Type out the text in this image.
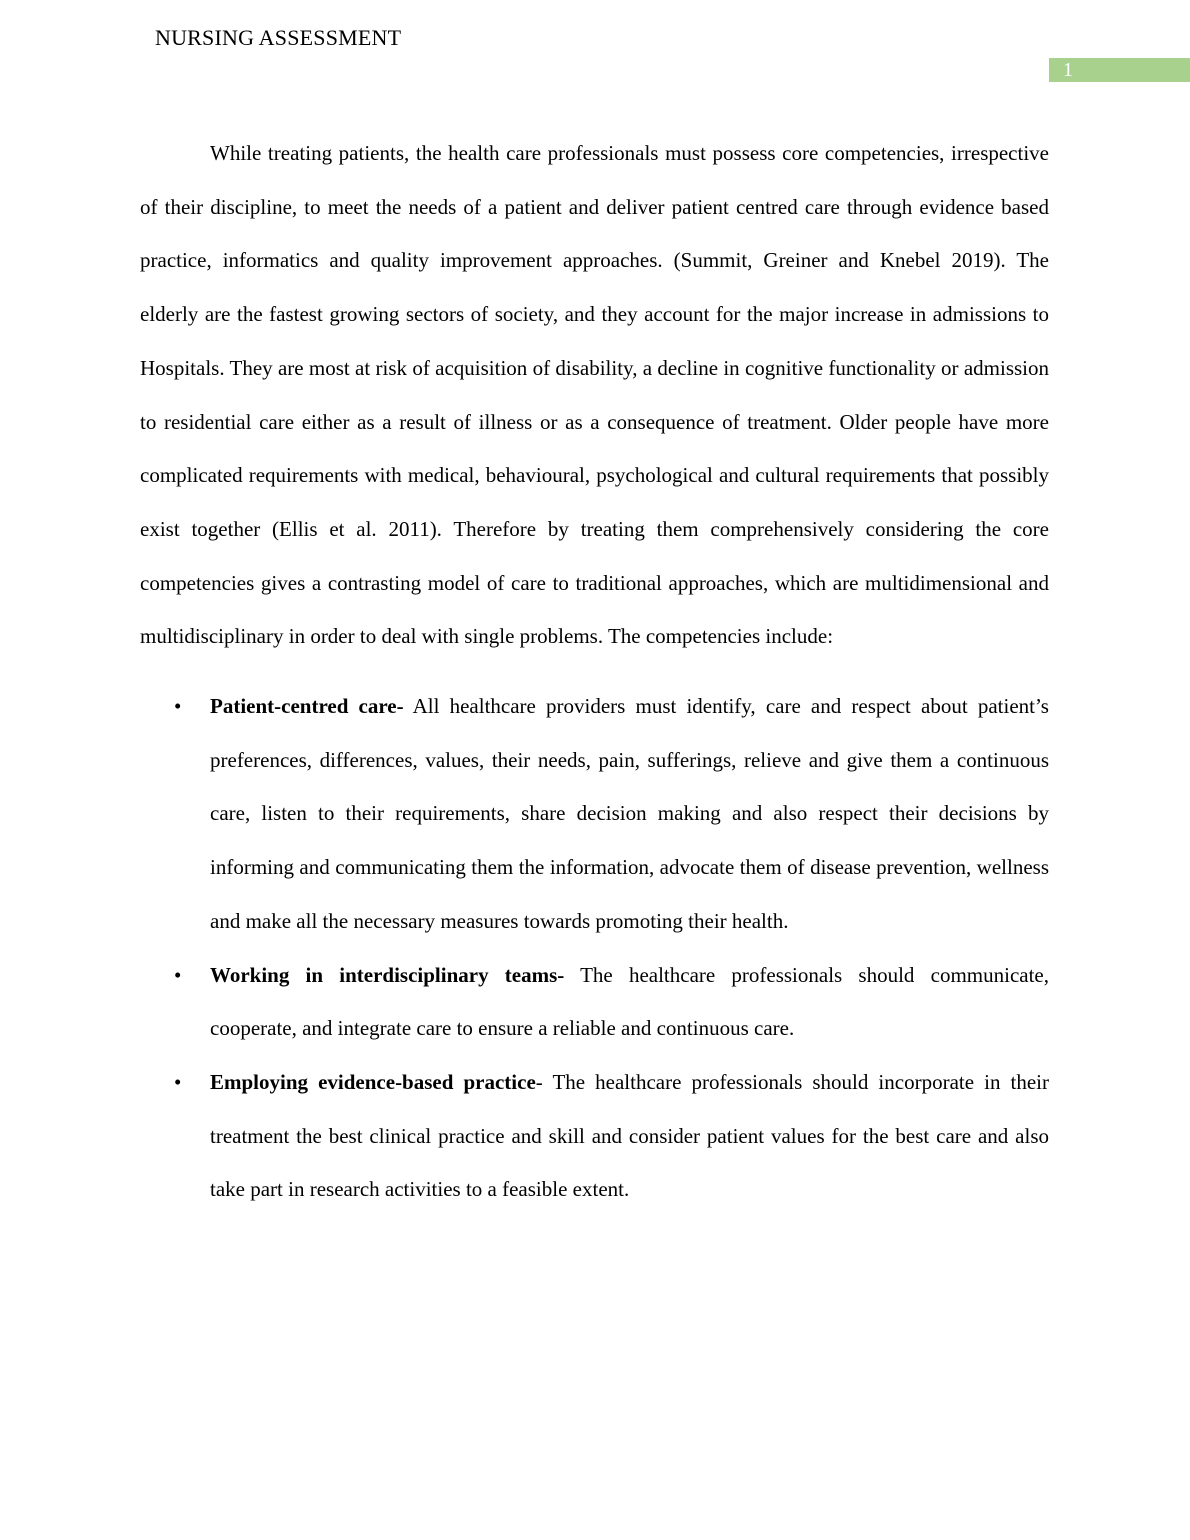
NURSING ASSESSMENT
1

While treating patients, the health care professionals must possess core competencies, irrespective of their discipline, to meet the needs of a patient and deliver patient centred care through evidence based practice, informatics and quality improvement approaches. (Summit, Greiner and Knebel 2019). The elderly are the fastest growing sectors of society, and they account for the major increase in admissions to Hospitals. They are most at risk of acquisition of disability, a decline in cognitive functionality or admission to residential care either as a result of illness or as a consequence of treatment. Older people have more complicated requirements with medical, behavioural, psychological and cultural requirements that possibly exist together (Ellis et al. 2011). Therefore by treating them comprehensively considering the core competencies gives a contrasting model of care to traditional approaches, which are multidimensional and multidisciplinary in order to deal with single problems. The competencies include:

• Patient-centred care- All healthcare providers must identify, care and respect about patient’s preferences, differences, values, their needs, pain, sufferings, relieve and give them a continuous care, listen to their requirements, share decision making and also respect their decisions by informing and communicating them the information, advocate them of disease prevention, wellness and make all the necessary measures towards promoting their health.
• Working in interdisciplinary teams- The healthcare professionals should communicate, cooperate, and integrate care to ensure a reliable and continuous care.
• Employing evidence-based practice- The healthcare professionals should incorporate in their treatment the best clinical practice and skill and consider patient values for the best care and also take part in research activities to a feasible extent.
